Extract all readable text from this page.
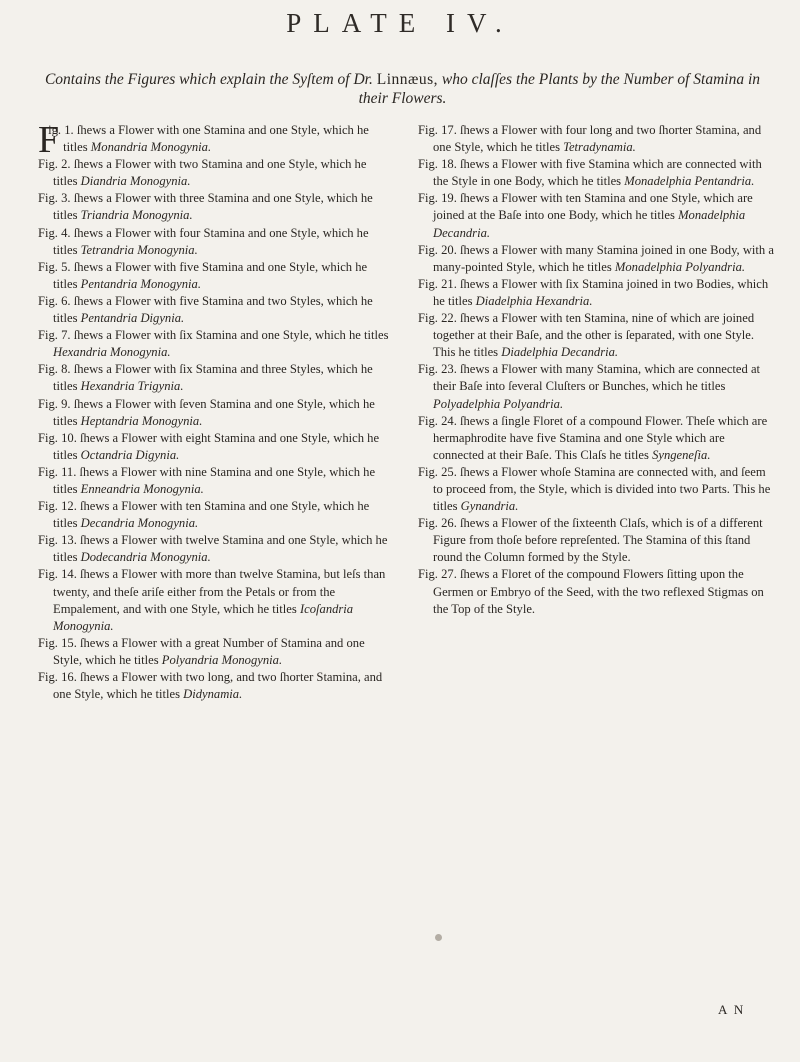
PLATE IV.
Contains the Figures which explain the Syſtem of Dr. Linnæus, who claſſes the Plants by the Number of Stamina in their Flowers.

F
ig. 1. ſhews a Flower with one Stamina and one Style, which he titles Monandria Monogynia.

Fig. 2. ſhews a Flower with two Stamina and one Style, which he titles Diandria Monogynia.

Fig. 3. ſhews a Flower with three Stamina and one Style, which he titles Triandria Monogynia.

Fig. 4. ſhews a Flower with four Stamina and one Style, which he titles Tetrandria Monogynia.

Fig. 5. ſhews a Flower with five Stamina and one Style, which he titles Pentandria Monogynia.

Fig. 6. ſhews a Flower with five Stamina and two Styles, which he titles Pentandria Digynia.

Fig. 7. ſhews a Flower with ſix Stamina and one Style, which he titles Hexandria Monogynia.

Fig. 8. ſhews a Flower with ſix Stamina and three Styles, which he titles Hexandria Trigynia.

Fig. 9. ſhews a Flower with ſeven Stamina and one Style, which he titles Heptandria Monogynia.

Fig. 10. ſhews a Flower with eight Stamina and one Style, which he titles Octandria Digynia.

Fig. 11. ſhews a Flower with nine Stamina and one Style, which he titles Enneandria Monogynia.

Fig. 12. ſhews a Flower with ten Stamina and one Style, which he titles Decandria Monogynia.

Fig. 13. ſhews a Flower with twelve Stamina and one Style, which he titles Dodecandria Monogynia.

Fig. 14. ſhews a Flower with more than twelve Stamina, but leſs than twenty, and theſe ariſe either from the Petals or from the Empalement, and with one Style, which he titles Icoſandria Monogynia.

Fig. 15. ſhews a Flower with a great Number of Stamina and one Style, which he titles Polyandria Monogynia.

Fig. 16. ſhews a Flower with two long, and two ſhorter Stamina, and one Style, which he titles Didynamia.

Fig. 17. ſhews a Flower with four long and two ſhorter Stamina, and one Style, which he titles Tetradynamia.

Fig. 18. ſhews a Flower with five Stamina which are connected with the Style in one Body, which he titles Monadelphia Pentandria.

Fig. 19. ſhews a Flower with ten Stamina and one Style, which are joined at the Baſe into one Body, which he titles Monadelphia Decandria.

Fig. 20. ſhews a Flower with many Stamina joined in one Body, with a many-pointed Style, which he titles Monadelphia Polyandria.

Fig. 21. ſhews a Flower with ſix Stamina joined in two Bodies, which he titles Diadelphia Hexandria.

Fig. 22. ſhews a Flower with ten Stamina, nine of which are joined together at their Baſe, and the other is ſeparated, with one Style. This he titles Diadelphia Decandria.

Fig. 23. ſhews a Flower with many Stamina, which are connected at their Baſe into ſeveral Cluſters or Bunches, which he titles Polyadelphia Polyandria.

Fig. 24. ſhews a ſingle Floret of a compound Flower. Theſe which are hermaphrodite have five Stamina and one Style which are connected at their Baſe. This Claſs he titles Syngeneſia.

Fig. 25. ſhews a Flower whoſe Stamina are connected with, and ſeem to proceed from, the Style, which is divided into two Parts. This he titles Gynandria.

Fig. 26. ſhews a Flower of the ſixteenth Claſs, which is of a different Figure from thoſe before repreſented. The Stamina of this ſtand round the Column formed by the Style.

Fig. 27. ſhews a Floret of the compound Flowers ſitting upon the Germen or Embryo of the Seed, with the two reflexed Stigmas on the Top of the Style.

A N
